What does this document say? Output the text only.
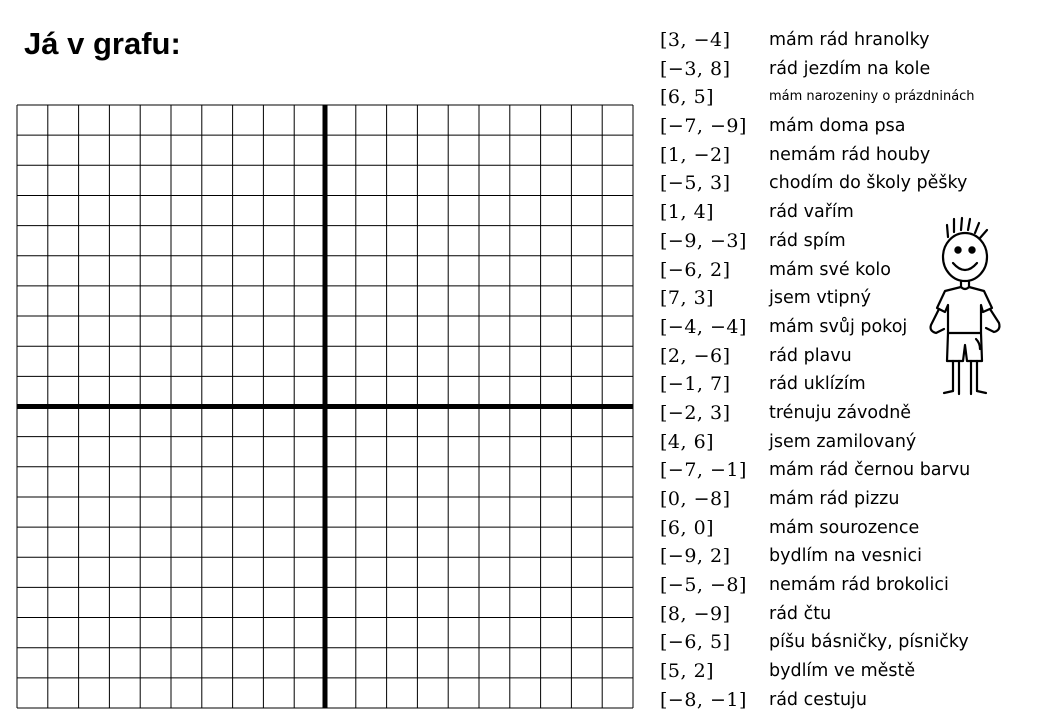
Já v grafu:	[3, −4] mám rád hranolky
[−3, 8] rád jezdím na kole
[6, 5]	mám narozeniny o prázdninách
[−7, −9] mám doma psa
[1, −2] nemám rád houby
[−5, 3] chodím do školy pěšky
[1, 4]	rád vařím
[−9, −3] rád spím
[−6, 2] mám své kolo
[7, 3]	jsem vtipný
[−4, −4] mám svůj pokoj
[2, −6] rád plavu
[−1, 7] rád uklízím
[−2, 3] trénuju závodně
[4, 6]	jsem zamilovaný
[−7, −1] mám rád černou barvu
[0, −8] mám rád pizzu
[6, 0]	mám sourozence
[−9, 2] bydlím na vesnici
[−5, −8] nemám rád brokolici
[8, −9] rád čtu
[−6, 5] píšu básničky, písničky
[5, 2]	bydlím ve městě
[−8, −1] rád cestuju
